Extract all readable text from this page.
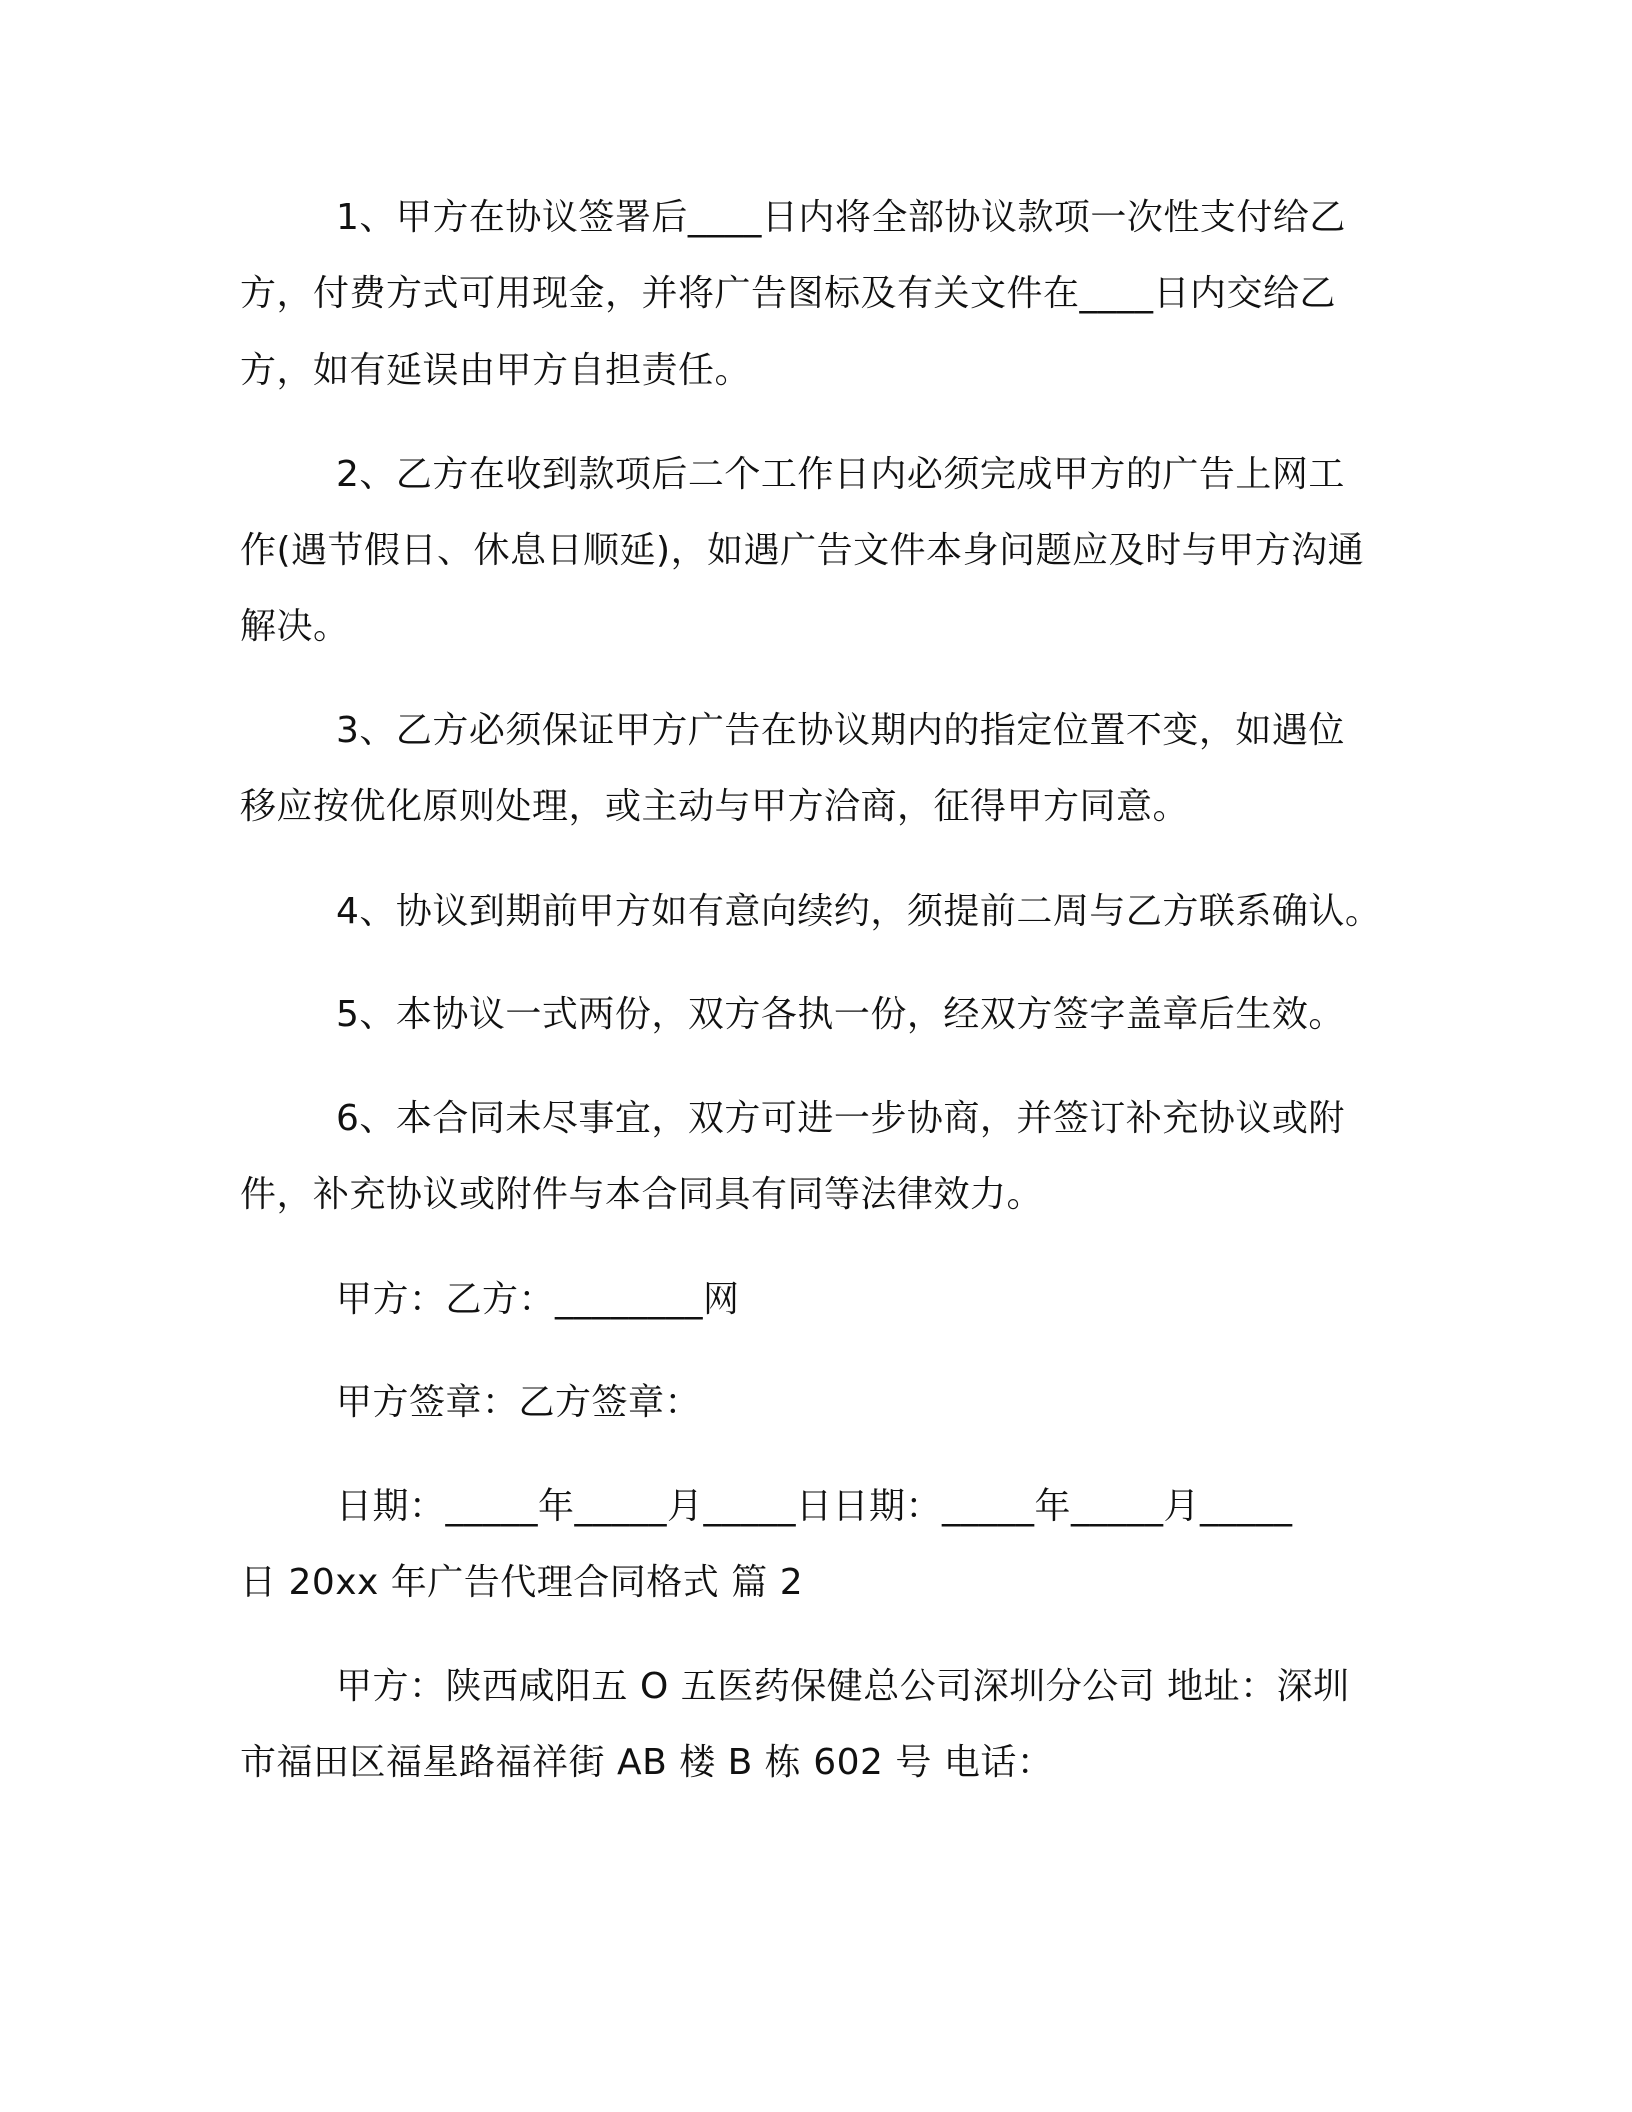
1、甲方在协议签署后____日内将全部协议款项一次性支付给乙
方，付费方式可用现金，并将广告图标及有关文件在____日内交给乙
方，如有延误由甲方自担责任。
2、乙方在收到款项后二个工作日内必须完成甲方的广告上网工
作(遇节假日、休息日顺延)，如遇广告文件本身问题应及时与甲方沟通
解决。
3、乙方必须保证甲方广告在协议期内的指定位置不变，如遇位
移应按优化原则处理，或主动与甲方洽商，征得甲方同意。
4、协议到期前甲方如有意向续约，须提前二周与乙方联系确认。
5、本协议一式两份，双方各执一份，经双方签字盖章后生效。
6、本合同未尽事宜，双方可进一步协商，并签订补充协议或附
件，补充协议或附件与本合同具有同等法律效力。
甲方：乙方：________网
甲方签章：乙方签章：
日期：_____年_____月_____日日期：_____年_____月_____
日 20xx 年广告代理合同格式 篇 2
甲方：陕西咸阳五 O 五医药保健总公司深圳分公司 地址：深圳
市福田区福星路福祥街 AB 楼 B 栋 602 号 电话：
